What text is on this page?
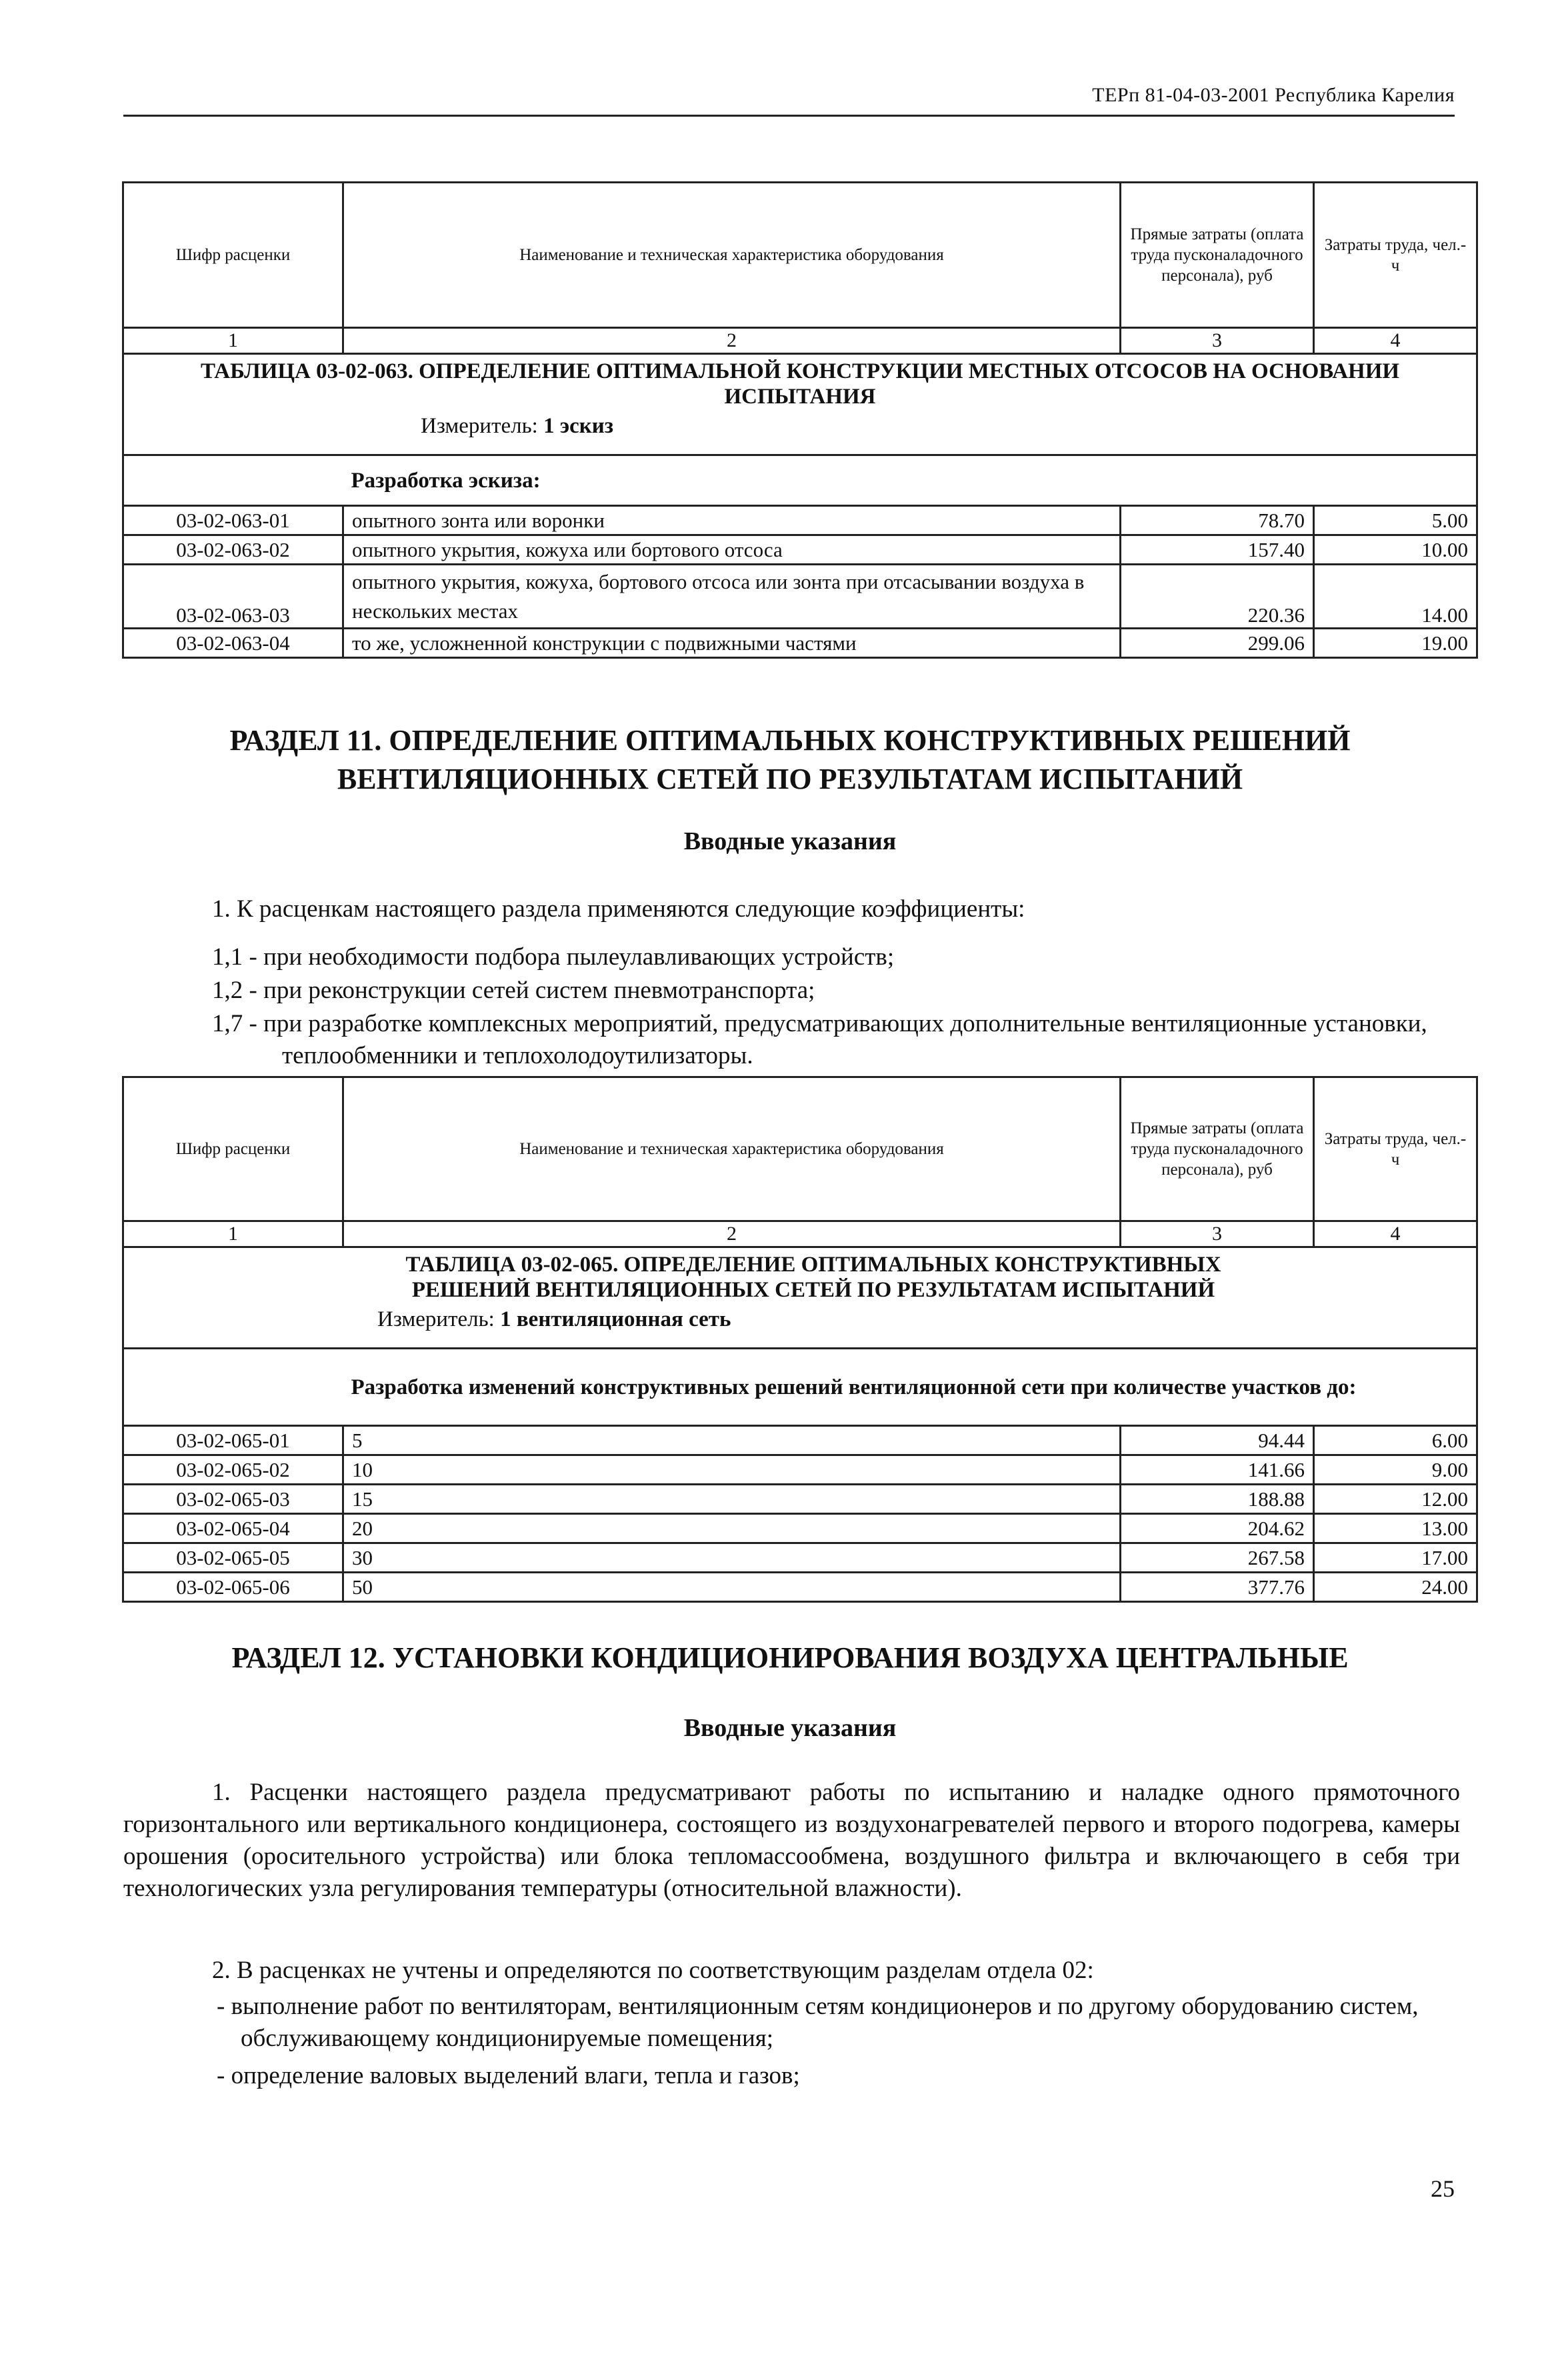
ТЕРп 81-04-03-2001 Республика Карелия
Шифр расценки	Наименование и техническая характеристика оборудования	Прямые затраты (оплата труда пусконаладочного персонала), руб	Затраты труда, чел.-ч
1	2	3	4

ТАБЛИЦА 03-02-063. ОПРЕДЕЛЕНИЕ ОПТИМАЛЬНОЙ КОНСТРУКЦИИ МЕСТНЫХ ОТСОСОВ НА ОСНОВАНИИ ИСПЫТАНИЯ
Измеритель: 1 эскиз			

	Разработка эскиза:		
03-02-063-01	опытного зонта или воронки	78.70	5.00
03-02-063-02	опытного укрытия, кожуха или бортового отсоса	157.40	10.00
03-02-063-03	опытного укрытия, кожуха, бортового отсоса или зонта при отсасывании воздуха в нескольких местах	220.36	14.00
03-02-063-04	то же, усложненной конструкции с подвижными частями	299.06	19.00
РАЗДЕЛ 11. ОПРЕДЕЛЕНИЕ ОПТИМАЛЬНЫХ КОНСТРУКТИВНЫХ РЕШЕНИЙ ВЕНТИЛЯЦИОННЫХ СЕТЕЙ ПО РЕЗУЛЬТАТАМ ИСПЫТАНИЙ
Вводные указания
1. К расценкам настоящего раздела применяются следующие коэффициенты:
1,1 - при необходимости подбора пылеулавливающих устройств;
1,2 - при реконструкции сетей систем пневмотранспорта;
1,7 - при разработке комплексных мероприятий, предусматривающих дополнительные вентиляционные установки, теплообменники и теплохолодоутилизаторы.
Шифр расценки	Наименование и техническая характеристика оборудования	Прямые затраты (оплата труда пусконаладочного персонала), руб	Затраты труда, чел.-ч
1	2	3	4

ТАБЛИЦА 03-02-065. ОПРЕДЕЛЕНИЕ ОПТИМАЛЬНЫХ КОНСТРУКТИВНЫХ РЕШЕНИЙ ВЕНТИЛЯЦИОННЫХ СЕТЕЙ ПО РЕЗУЛЬТАТАМ ИСПЫТАНИЙ
Измеритель: 1 вентиляционная сеть			

	Разработка изменений конструктивных решений вентиляционной сети при количестве участков до:		
03-02-065-01	5	94.44	6.00
03-02-065-02	10	141.66	9.00
03-02-065-03	15	188.88	12.00
03-02-065-04	20	204.62	13.00
03-02-065-05	30	267.58	17.00
03-02-065-06	50	377.76	24.00
РАЗДЕЛ 12. УСТАНОВКИ КОНДИЦИОНИРОВАНИЯ ВОЗДУХА ЦЕНТРАЛЬНЫЕ
Вводные указания
1. Расценки настоящего раздела предусматривают работы по испытанию и наладке одного прямоточного горизонтального или вертикального кондиционера, состоящего из воздухонагревателей первого и второго подогрева, камеры орошения (оросительного устройства) или блока тепломассообмена, воздушного фильтра и включающего в себя три технологических узла регулирования температуры (относительной влажности).
2. В расценках не учтены и определяются по соответствующим разделам отдела 02:
- выполнение работ по вентиляторам, вентиляционным сетям кондиционеров и по другому оборудованию систем, обслуживающему кондиционируемые помещения;
- определение валовых выделений влаги, тепла и газов;
25
